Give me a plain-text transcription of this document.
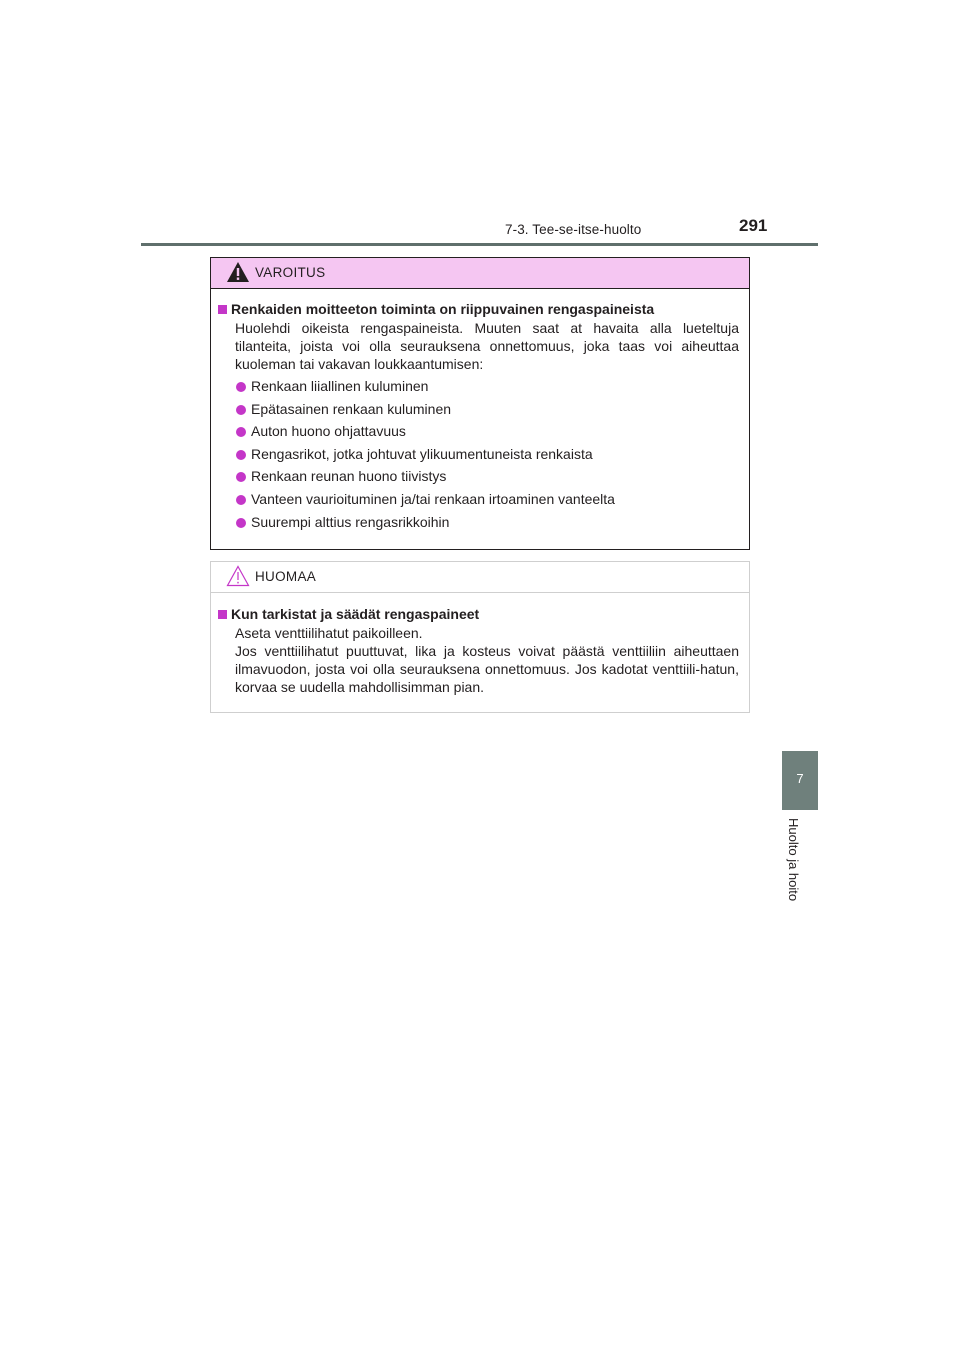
7-3. Tee-se-itse-huolto	291
7
Huolto ja hoito
VAROITUS
Renkaiden moitteeton toiminta on riippuvainen rengaspaineista

Huolehdi oikeista rengaspaineista. Muuten saat at havaita alla lueteltuja tilanteita, joista voi olla seurauksena onnettomuus, joka taas voi aiheuttaa kuoleman tai vakavan loukkaantumisen:

Renkaan liiallinen kuluminen
Epätasainen renkaan kuluminen
Auton huono ohjattavuus
Rengasrikot, jotka johtuvat ylikuumentuneista renkaista
Renkaan reunan huono tiivistys
Vanteen vaurioituminen ja/tai renkaan irtoaminen vanteelta
Suurempi alttius rengasrikkoihin
HUOMAA
Kun tarkistat ja säädät rengaspaineet
Aseta venttiilihatut paikoilleen.

Jos venttiilihatut puuttuvat, lika ja kosteus voivat päästä venttiiliin aiheuttaen ilmavuodon, josta voi olla seurauksena onnettomuus. Jos kadotat venttiili-hatun, korvaa se uudella mahdollisimman pian.
